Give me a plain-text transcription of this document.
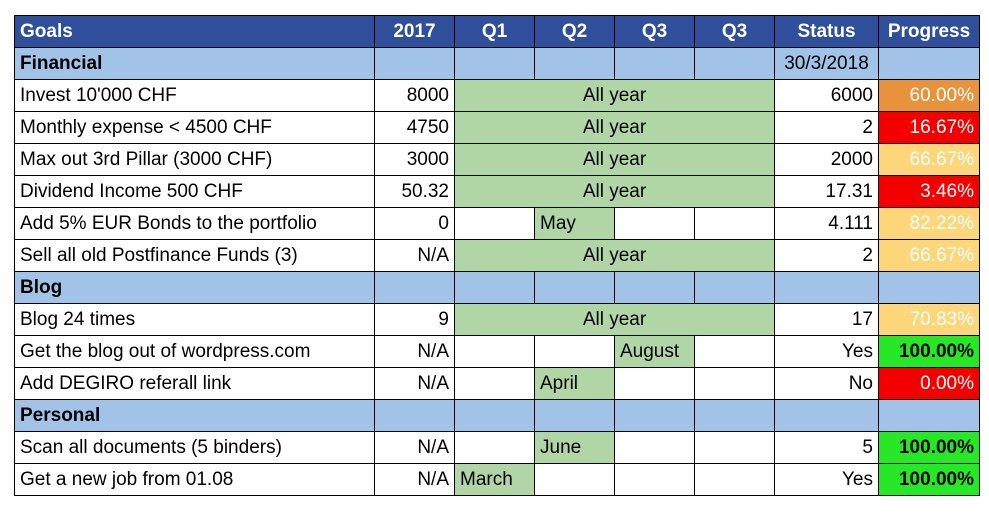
Goals	2017	Q1	Q2	Q3	Q3	Status	Progress
Financial						30/3/2018	
Invest 10'000 CHF	8000	All year				6000	60.00%
Monthly expense < 4500 CHF	4750	All year				2	16.67%
Max out 3rd Pillar (3000 CHF)	3000	All year				2000	66.67%
Dividend Income 500 CHF	50.32	All year				17.31	3.46%
Add 5% EUR Bonds to the portfolio	0		May			4.111	82.22%
Sell all old Postfinance Funds (3)	N/A	All year				2	66.67%
Blog							
Blog 24 times	9	All year				17	70.83%
Get the blog out of wordpress.com	N/A			August		Yes	100.00%
Add DEGIRO referall link	N/A		April			No	0.00%
Personal							
Scan all documents (5 binders)	N/A		June			5	100.00%
Get a new job from 01.08	N/A	March				Yes	100.00%
